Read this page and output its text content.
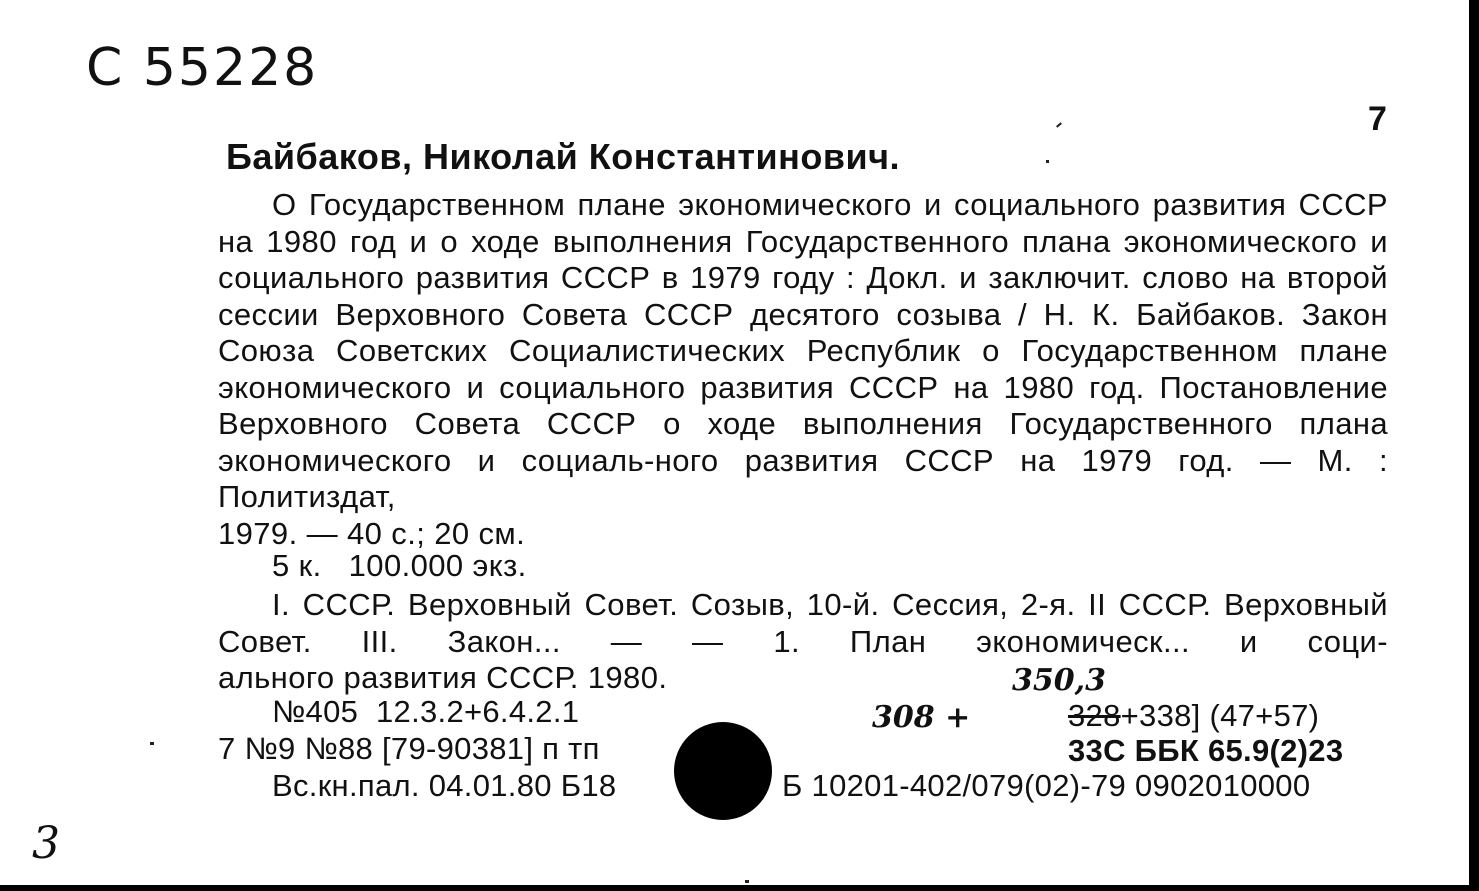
С 55228
7
Байбаков, Николай Константинович.

О Государственном плане экономического и социального развития СССР на 1980 год и о ходе выполнения Государственного плана экономического и социального развития СССР в 1979 году : Докл. и заключит. слово на второй сессии Верховного Совета СССР десятого созыва / Н. К. Байбаков. Закон Союза Советских Социалистических Республик о Государственном плане экономического и социального развития СССР на 1980 год. Постановление Верховного Совета СССР о ходе выполнения Государственного плана экономического и социаль-ного развития СССР на 1979 год. — М. : Политиздат,

1979. — 40 с.; 20 см.

5 к.   100.000 экз.

I. СССР. Верховный Совет. Созыв, 10-й. Сессия, 2-я. II СССР. Верховный Совет. III. Закон... — — 1. План экономическ... и соци-

ального развития СССР. 1980.

№405  12.3.2+6.4.2.1
7 №9 №88 [79-90381] п тп
Вс.кн.пал. 04.01.80 Б18	Б 10201-402/079(02)-79 0902010000
328+338] (47+57)
33С ББК 65.9(2)23
350,3
308 +
3
